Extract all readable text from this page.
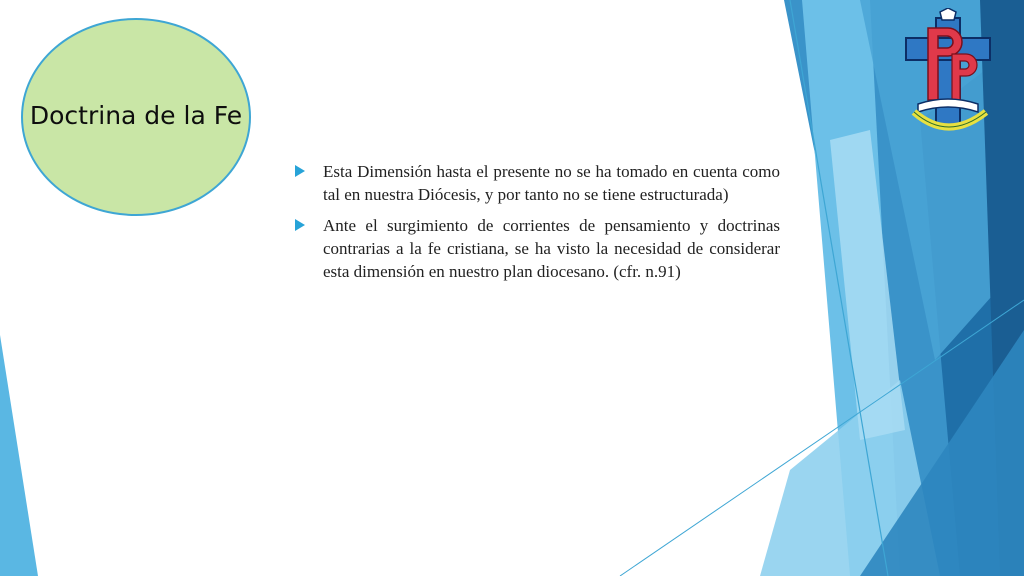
Doctrina de la Fe
Esta Dimensión hasta el presente no se ha tomado en cuenta como tal en nuestra Diócesis, y por tanto no se tiene estructurada)
Ante el surgimiento de corrientes de pensamiento y doctrinas contrarias a la fe cristiana, se ha visto la necesidad de considerar esta dimensión en nuestro plan diocesano. (cfr. n.91)
